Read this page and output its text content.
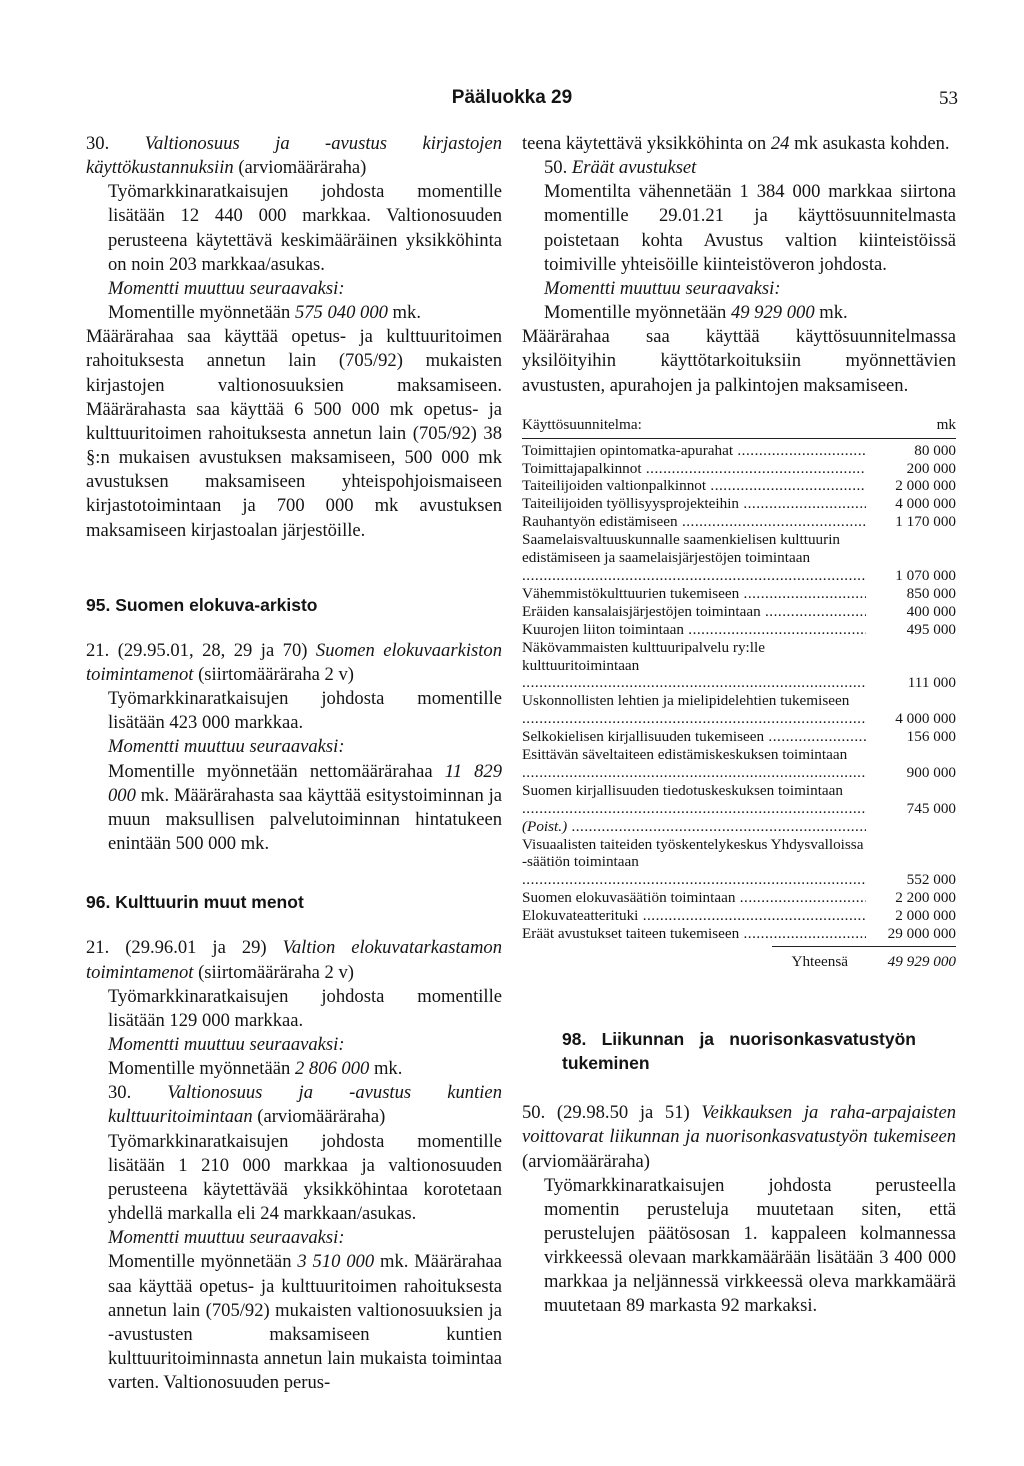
Pääluokka 29	53

30. Valtionosuus ja -avustus kirjastojen käyttökustannuksiin (arviomääräraha)

Työmarkkinaratkaisujen johdosta momentille lisätään 12 440 000 markkaa. Valtionosuuden perusteena käytettävä keskimääräinen yksikköhinta on noin 203 markkaa/asukas.

Momentti muuttuu seuraavaksi:

Momentille myönnetään 575 040 000 mk.

Määrärahaa saa käyttää opetus- ja kulttuuritoimen rahoituksesta annetun lain (705/92) mukaisten kirjastojen valtionosuuksien maksamiseen. Määrärahasta saa käyttää 6 500 000 mk opetus- ja kulttuuritoimen rahoituksesta annetun lain (705/92) 38 §:n mukaisen avustuksen maksamiseen, 500 000 mk avustuksen maksamiseen yhteispohjoismaiseen kirjastotoimintaan ja 700 000 mk avustuksen maksamiseen kirjastoalan järjestöille.

95. Suomen elokuva-arkisto

21. (29.95.01, 28, 29 ja 70) Suomen elokuvaarkiston toimintamenot (siirtomääräraha 2 v)

Työmarkkinaratkaisujen johdosta momentille lisätään 423 000 markkaa.

Momentti muuttuu seuraavaksi:

Momentille myönnetään nettomäärärahaa 11 829 000 mk. Määrärahasta saa käyttää esitystoiminnan ja muun maksullisen palvelutoiminnan hintatukeen enintään 500 000 mk.

96. Kulttuurin muut menot

21. (29.96.01 ja 29) Valtion elokuvatarkastamon toimintamenot (siirtomääräraha 2 v)

Työmarkkinaratkaisujen johdosta momentille lisätään 129 000 markkaa.

Momentti muuttuu seuraavaksi:

Momentille myönnetään 2 806 000 mk.

30. Valtionosuus ja -avustus kuntien kulttuuritoimintaan (arviomääräraha)

Työmarkkinaratkaisujen johdosta momentille lisätään 1 210 000 markkaa ja valtionosuuden perusteena käytettävää yksikköhintaa korotetaan yhdellä markalla eli 24 markkaan/asukas.

Momentti muuttuu seuraavaksi:

Momentille myönnetään 3 510 000 mk. Määrärahaa saa käyttää opetus- ja kulttuuritoimen rahoituksesta annetun lain (705/92) mukaisten valtionosuuksien ja -avustusten maksamiseen kuntien kulttuuritoiminnasta annetun lain mukaista toimintaa varten. Valtionosuuden perus-

teena käytettävä yksikköhinta on 24 mk asukasta kohden.

50. Eräät avustukset

Momentilta vähennetään 1 384 000 markkaa siirtona momentille 29.01.21 ja käyttösuunnitelmasta poistetaan kohta Avustus valtion kiinteistöissä toimiville yhteisöille kiinteistöveron johdosta.

Momentti muuttuu seuraavaksi:

Momentille myönnetään 49 929 000 mk.

Määrärahaa saa käyttää käyttösuunnitelmassa yksilöityihin käyttötarkoituksiin myönnettävien avustusten, apurahojen ja palkintojen maksamiseen.

Käyttösuunnitelma:	mk
Toimittajien opintomatka-apurahat .....	80 000
Toimittajapalkinnot .....	200 000
Taiteilijoiden valtionpalkinnot .....	2 000 000
Taiteilijoiden työllisyysprojekteihin .....	4 000 000
Rauhantyön edistämiseen .....	1 170 000
Saamelaisvaltuuskunnalle saamenkielisen kulttuurin edistämiseen ja saamelaisjärjestöjen toimintaan .....
1 070 000
Vähemmistökulttuurien tukemiseen .....	850 000
Eräiden kansalaisjärjestöjen toimintaan .....	400 000
Kuurojen liiton toimintaan .....	495 000
Näkövammaisten kulttuuripalvelu ry:lle kulttuuritoimintaan .....
111 000
Uskonnollisten lehtien ja mielipidelehtien tukemiseen .....
4 000 000
Selkokielisen kirjallisuuden tukemiseen .....	156 000
Esittävän säveltaiteen edistämiskeskuksen toimintaan .....
900 000
Suomen kirjallisuuden tiedotuskeskuksen toimintaan .....
745 000
(Poist.) .....
Visuaalisten taiteiden työskentelykeskus Yhdysvalloissa -säätiön toimintaan .....
552 000
Suomen elokuvasäätiön toimintaan .....	2 200 000
Elokuvateatterituki .....	2 000 000
Eräät avustukset taiteen tukemiseen .....	29 000 000
Yhteensä	49 929 000

98. Liikunnan ja nuorisonkasvatustyön tukeminen

50. (29.98.50 ja 51) Veikkauksen ja raha-arpajaisten voittovarat liikunnan ja nuorisonkasvatustyön tukemiseen (arviomääräraha)

Työmarkkinaratkaisujen johdosta perusteella momentin perusteluja muutetaan siten, että perustelujen päätösosan 1. kappaleen kolmannessa virkkeessä olevaan markkamäärään lisätään 3 400 000 markkaa ja neljännessä virkkeessä oleva markkamäärä muutetaan 89 markasta 92 markaksi.
